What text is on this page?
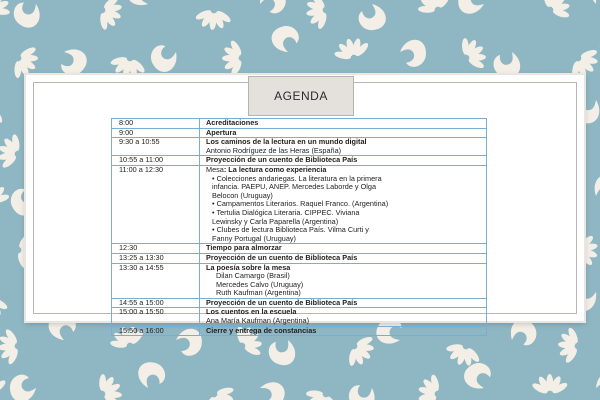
AGENDA
8:00	Acreditaciones
9:00	Apertura
9:30 a 10:55	Los caminos de la lectura en un mundo digital
Antonio Rodríguez de las Heras (España)
10:55 a 11:00	Proyección de un cuento de Biblioteca País
11:00 a 12:30	Mesa: La lectura como experiencia
• Colecciones andariegas. La literatura en la primera
infancia. PAEPU, ANEP. Mercedes Laborde y Olga
Belocon (Uruguay)
• Campamentos Literarios. Raquel Franco. (Argentina)
• Tertulia Dialógica Literaria. CIPPEC. Viviana
Lewinsky y Carla Paparella (Argentina)
• Clubes de lectura Biblioteca País. Vilma Curti y
Fanny Portugal (Uruguay)
12:30	Tiempo para almorzar
13:25 a 13:30	Proyección de un cuento de Biblioteca País
13:30 a 14:55	La poesía sobre la mesa
Dilan Camargo (Brasil)
Mercedes Calvo (Uruguay)
Ruth Kaufman (Argentina)
14:55 a 15:00	Proyección de un cuento de Biblioteca País
15:00 a 15:50	Los cuentos en la escuela
Ana María Kaufman (Argentina)
15:50 a 16:00	Cierre y entrega de constancias
